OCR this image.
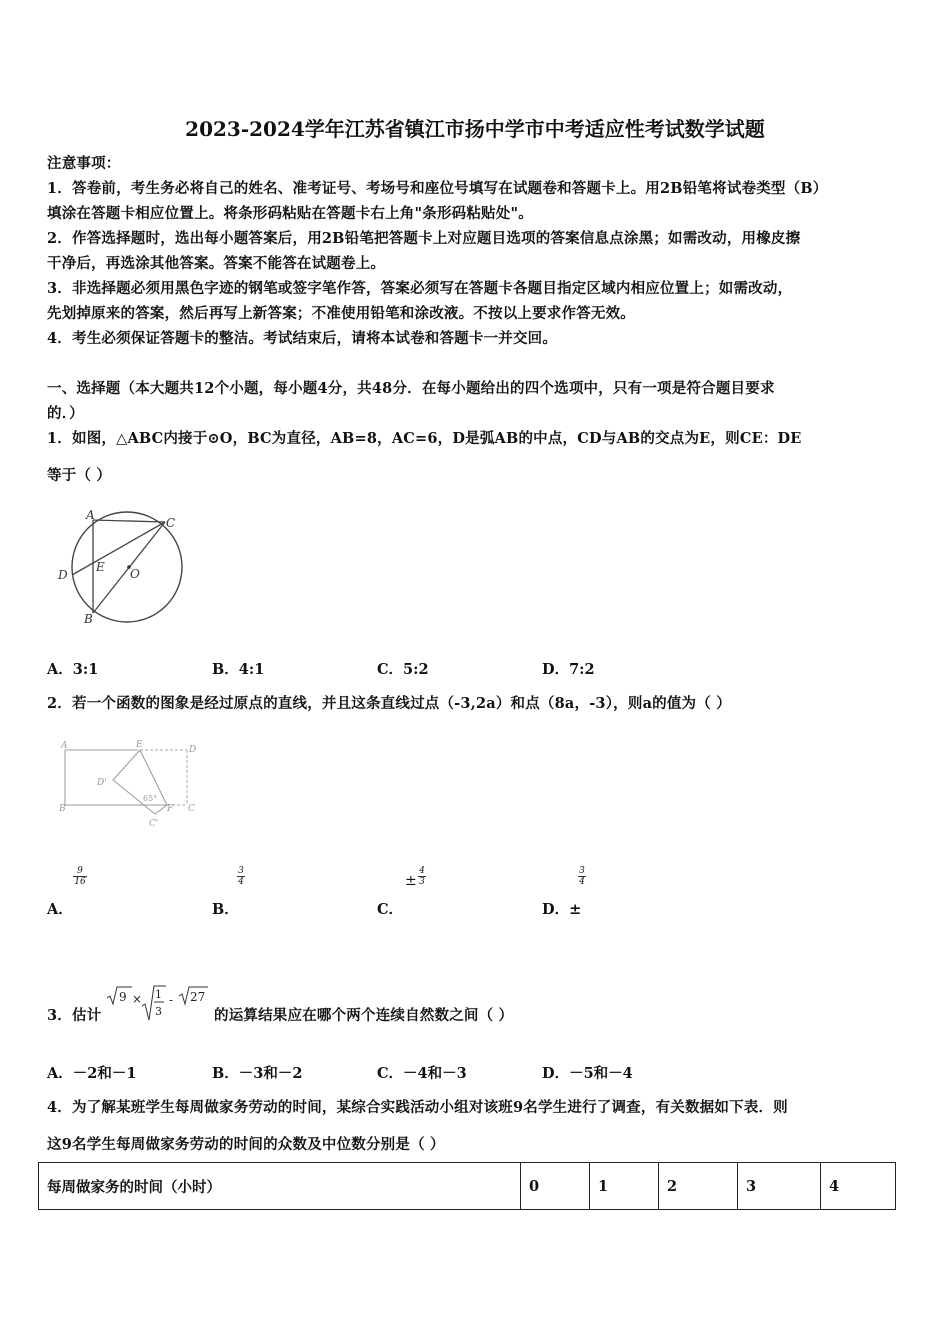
2023-2024学年江苏省镇江市扬中学市中考适应性考试数学试题
注意事项：
1．答卷前，考生务必将自己的姓名、准考证号、考场号和座位号填写在试题卷和答题卡上。用2B铅笔将试卷类型（B）
填涂在答题卡相应位置上。将条形码粘贴在答题卡右上角"条形码粘贴处"。
2．作答选择题时，选出每小题答案后，用2B铅笔把答题卡上对应题目选项的答案信息点涂黑；如需改动，用橡皮擦
干净后，再选涂其他答案。答案不能答在试题卷上。
3．非选择题必须用黑色字迹的钢笔或签字笔作答，答案必须写在答题卡各题目指定区域内相应位置上；如需改动，
先划掉原来的答案，然后再写上新答案；不准使用铅笔和涂改液。不按以上要求作答无效。
4．考生必须保证答题卡的整洁。考试结束后，请将本试卷和答题卡一并交回。
一、选择题（本大题共12个小题，每小题4分，共48分．在每小题给出的四个选项中，只有一项是符合题目要求
的．）
1．如图，△ABC内接于⊙O，BC为直径，AB=8，AC=6，D是弧AB的中点，CD与AB的交点为E，则CE：DE
等于（ ）
A
C
D
E O
B
A．3:1	B．4:1	C．5:2	D．7:2
2．若一个函数的图象是经过原点的直线，并且这条直线过点（-3,2a）和点（8a，-3），则a的值为（ ）
A	E	D
D'
65°
B	F C
C'
$\frac{9}{16}$	$\frac{3}{4}$	± $\frac{4}{3}$	$\frac{3}{4}$
A．	B．	C．	D．±
3．估计
9 × 1
3
- 27
的运算结果应在哪个两个连续自然数之间（ ）
A．－2和－1	B．－3和－2	C．－4和－3	D．－5和－4
4．为了解某班学生每周做家务劳动的时间，某综合实践活动小组对该班9名学生进行了调查，有关数据如下表．则
这9名学生每周做家务劳动的时间的众数及中位数分别是（ ）
每周做家务的时间（小时）	0	1	2	3	4
